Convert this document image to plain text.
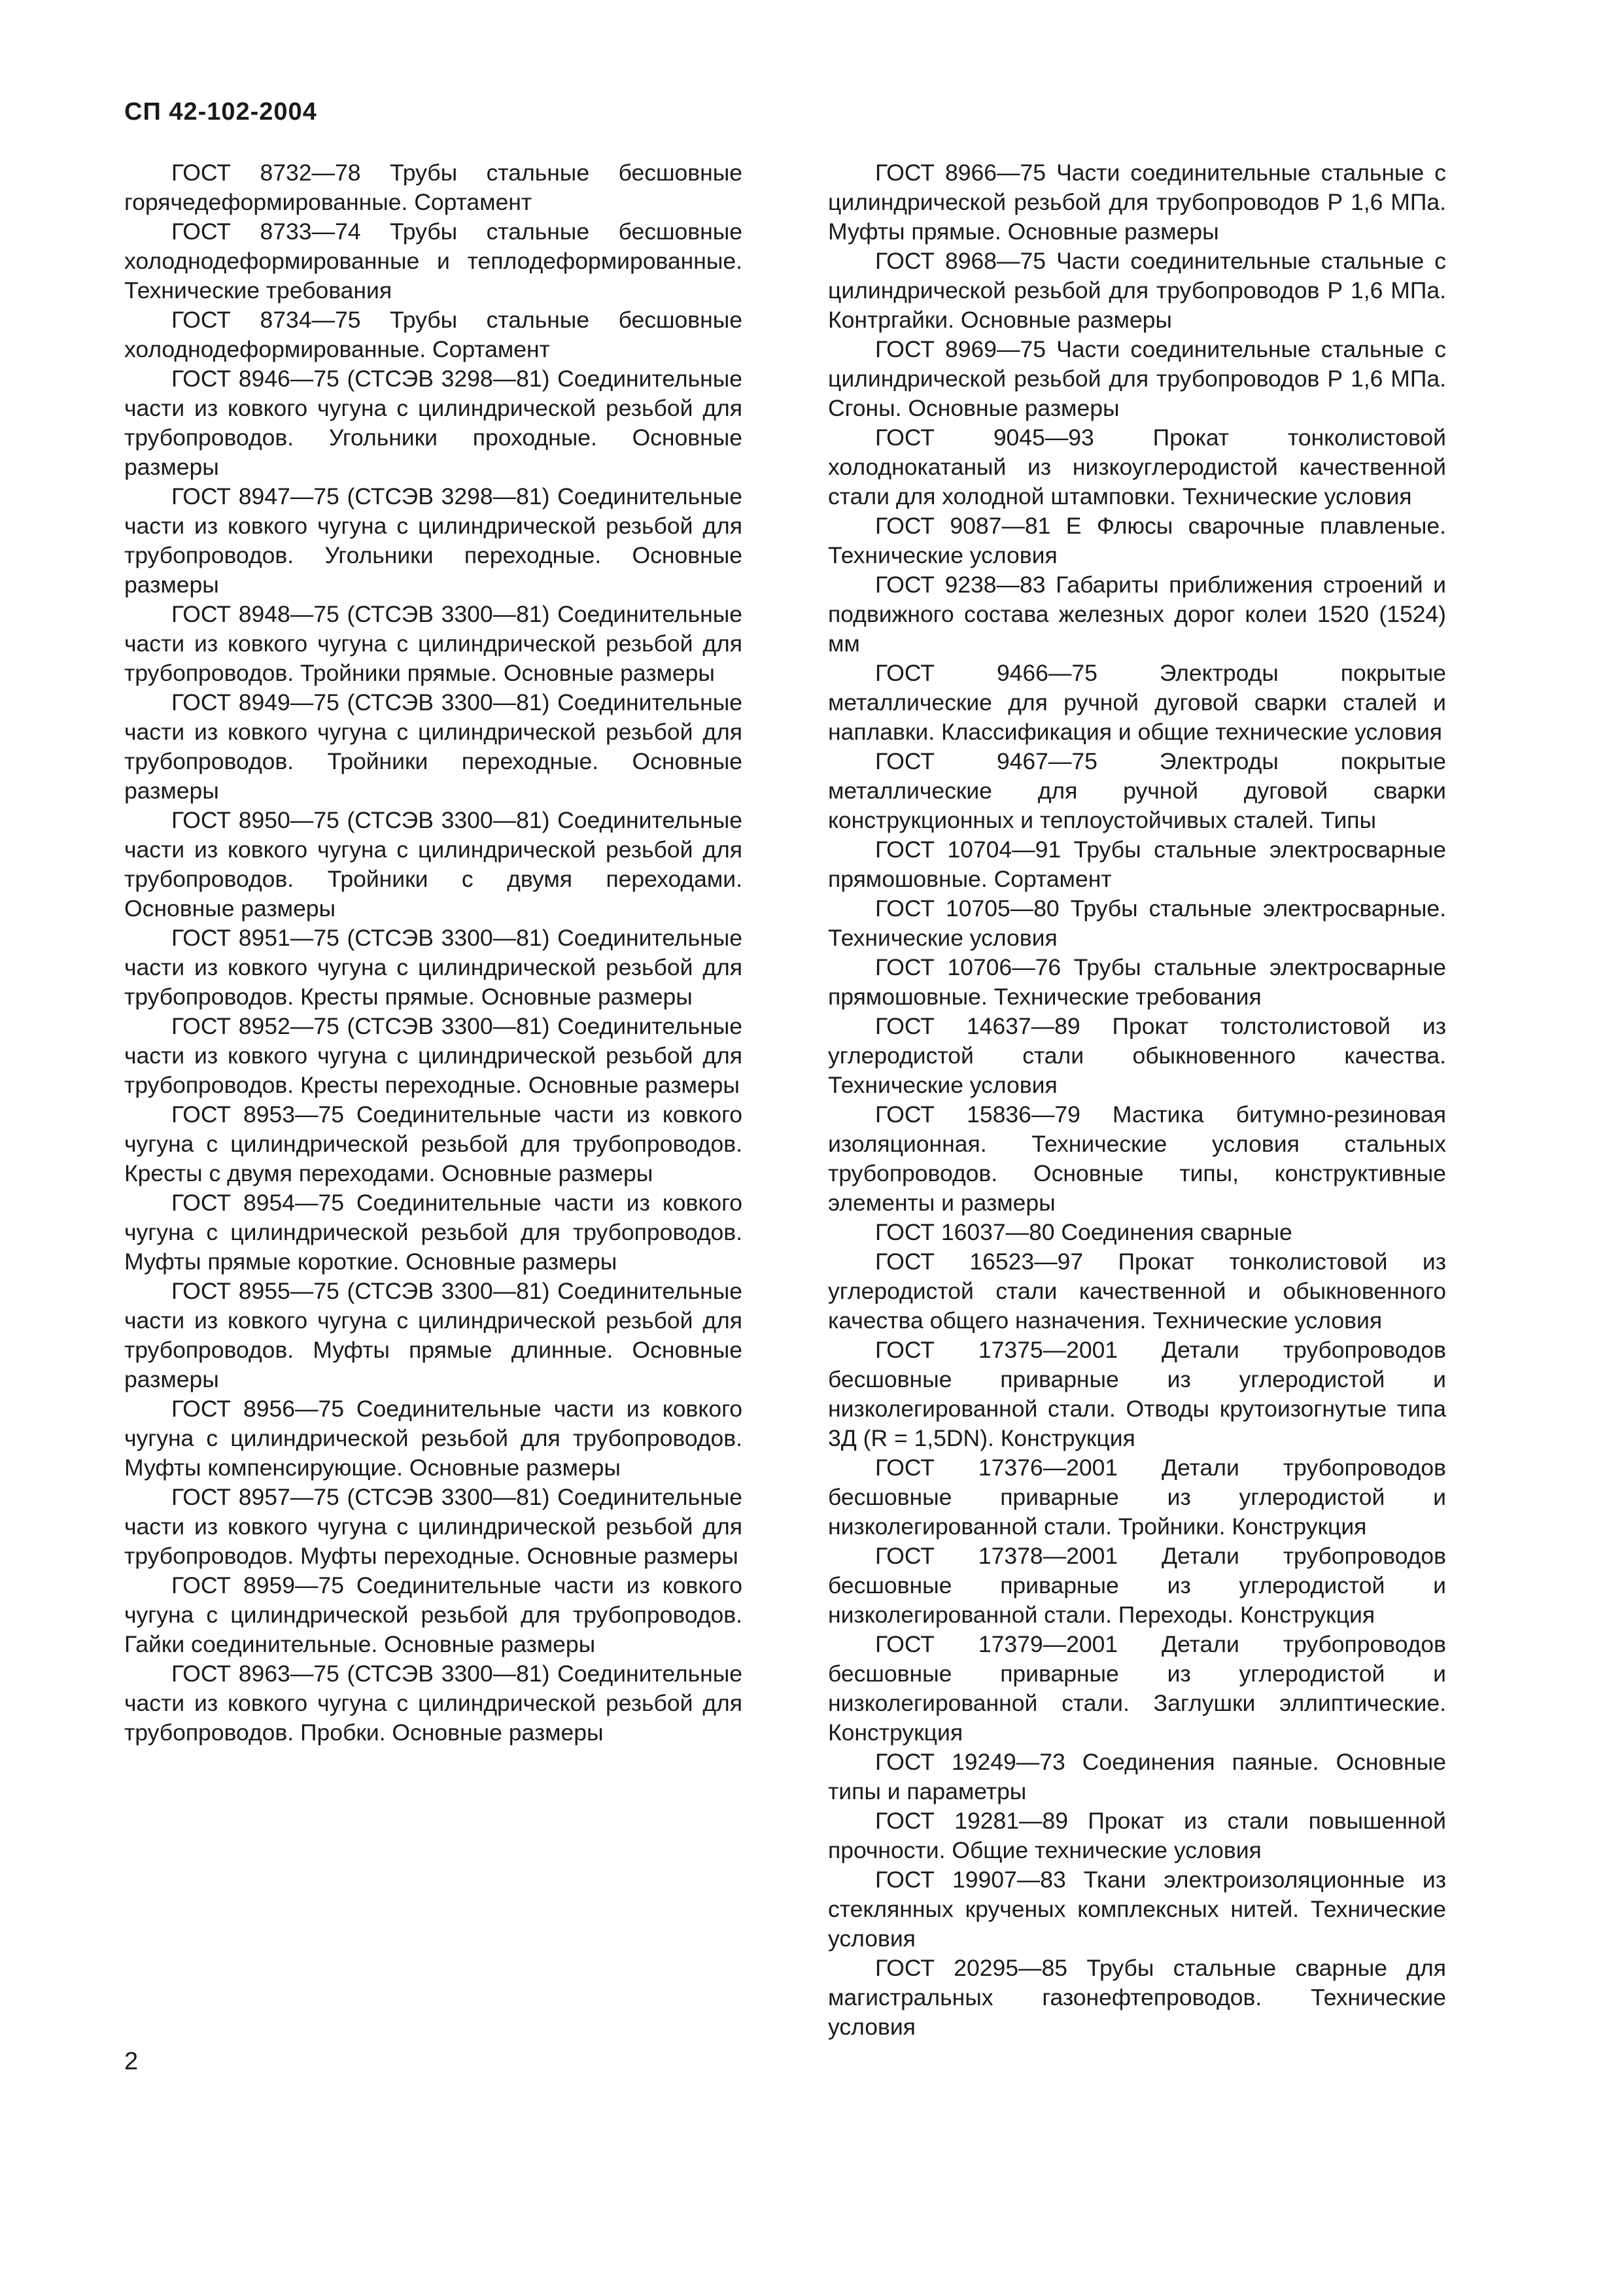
СП 42-102-2004

ГОСТ 8732—78 Трубы стальные бесшовные горячедеформированные. Сортамент

ГОСТ 8733—74 Трубы стальные бесшовные холоднодеформированные и теплодеформированные. Технические требования

ГОСТ 8734—75 Трубы стальные бесшовные холоднодеформированные. Сортамент

ГОСТ 8946—75 (СТСЭВ 3298—81) Соединительные части из ковкого чугуна с цилиндрической резьбой для трубопроводов. Угольники проходные. Основные размеры

ГОСТ 8947—75 (СТСЭВ 3298—81) Соединительные части из ковкого чугуна с цилиндрической резьбой для трубопроводов. Угольники переходные. Основные размеры

ГОСТ 8948—75 (СТСЭВ 3300—81) Соединительные части из ковкого чугуна с цилиндрической резьбой для трубопроводов. Тройники прямые. Основные размеры

ГОСТ 8949—75 (СТСЭВ 3300—81) Соединительные части из ковкого чугуна с цилиндрической резьбой для трубопроводов. Тройники переходные. Основные размеры

ГОСТ 8950—75 (СТСЭВ 3300—81) Соединительные части из ковкого чугуна с цилиндрической резьбой для трубопроводов. Тройники с двумя переходами. Основные размеры

ГОСТ 8951—75 (СТСЭВ 3300—81) Соединительные части из ковкого чугуна с цилиндрической резьбой для трубопроводов. Кресты прямые. Основные размеры

ГОСТ 8952—75 (СТСЭВ 3300—81) Соединительные части из ковкого чугуна с цилиндрической резьбой для трубопроводов. Кресты переходные. Основные размеры

ГОСТ 8953—75 Соединительные части из ковкого чугуна с цилиндрической резьбой для трубопроводов. Кресты с двумя переходами. Основные размеры

ГОСТ 8954—75 Соединительные части из ковкого чугуна с цилиндрической резьбой для трубопроводов. Муфты прямые короткие. Основные размеры

ГОСТ 8955—75 (СТСЭВ 3300—81) Соединительные части из ковкого чугуна с цилиндрической резьбой для трубопроводов. Муфты прямые длинные. Основные размеры

ГОСТ 8956—75 Соединительные части из ковкого чугуна с цилиндрической резьбой для трубопроводов. Муфты компенсирующие. Основные размеры

ГОСТ 8957—75 (СТСЭВ 3300—81) Соединительные части из ковкого чугуна с цилиндрической резьбой для трубопроводов. Муфты переходные. Основные размеры

ГОСТ 8959—75 Соединительные части из ковкого чугуна с цилиндрической резьбой для трубопроводов. Гайки соединительные. Основные размеры

ГОСТ 8963—75 (СТСЭВ 3300—81) Соединительные части из ковкого чугуна с цилиндрической резьбой для трубопроводов. Пробки. Основные размеры

ГОСТ 8966—75 Части соединительные стальные с цилиндрической резьбой для трубопроводов Р 1,6 МПа. Муфты прямые. Основные размеры

ГОСТ 8968—75 Части соединительные стальные с цилиндрической резьбой для трубопроводов Р 1,6 МПа. Контргайки. Основные размеры

ГОСТ 8969—75 Части соединительные стальные с цилиндрической резьбой для трубопроводов Р 1,6 МПа. Сгоны. Основные размеры

ГОСТ 9045—93 Прокат тонколистовой холоднокатаный из низкоуглеродистой качественной стали для холодной штамповки. Технические условия

ГОСТ 9087—81 Е Флюсы сварочные плавленые. Технические условия

ГОСТ 9238—83 Габариты приближения строений и подвижного состава железных дорог колеи 1520 (1524) мм

ГОСТ 9466—75 Электроды покрытые металлические для ручной дуговой сварки сталей и наплавки. Классификация и общие технические условия

ГОСТ 9467—75 Электроды покрытые металлические для ручной дуговой сварки конструкционных и теплоустойчивых сталей. Типы

ГОСТ 10704—91 Трубы стальные электросварные прямошовные. Сортамент

ГОСТ 10705—80 Трубы стальные электросварные. Технические условия

ГОСТ 10706—76 Трубы стальные электросварные прямошовные. Технические требования

ГОСТ 14637—89 Прокат толстолистовой из углеродистой стали обыкновенного качества. Технические условия

ГОСТ 15836—79 Мастика битумно-резиновая изоляционная. Технические условия стальных трубопроводов. Основные типы, конструктивные элементы и размеры

ГОСТ 16037—80 Соединения сварные

ГОСТ 16523—97 Прокат тонколистовой из углеродистой стали качественной и обыкновенного качества общего назначения. Технические условия

ГОСТ 17375—2001 Детали трубопроводов бесшовные приварные из углеродистой и низколегированной стали. Отводы крутоизогнутые типа 3Д (R = 1,5DN). Конструкция

ГОСТ 17376—2001 Детали трубопроводов бесшовные приварные из углеродистой и низколегированной стали. Тройники. Конструкция

ГОСТ 17378—2001 Детали трубопроводов бесшовные приварные из углеродистой и низколегированной стали. Переходы. Конструкция

ГОСТ 17379—2001 Детали трубопроводов бесшовные приварные из углеродистой и низколегированной стали. Заглушки эллиптические. Конструкция

ГОСТ 19249—73 Соединения паяные. Основные типы и параметры

ГОСТ 19281—89 Прокат из стали повышенной прочности. Общие технические условия

ГОСТ 19907—83 Ткани электроизоляционные из стеклянных крученых комплексных нитей. Технические условия

ГОСТ 20295—85 Трубы стальные сварные для магистральных газонефтепроводов. Технические условия

2
